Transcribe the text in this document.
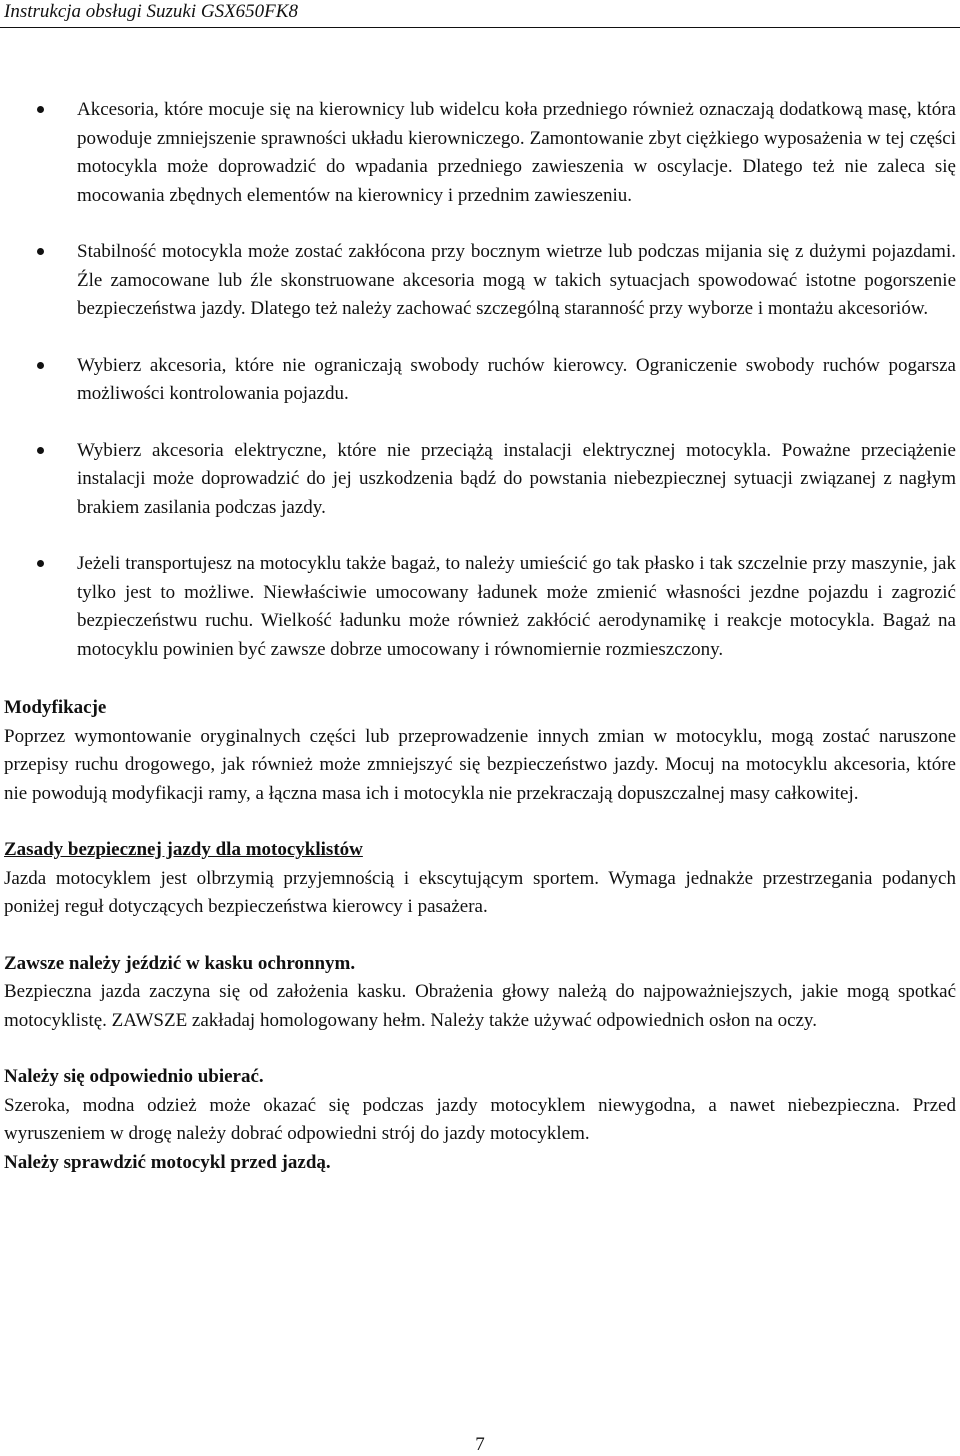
Instrukcja obsługi Suzuki GSX650FK8
Akcesoria, które mocuje się na kierownicy lub widelcu koła przedniego również oznaczają dodatkową masę, która powoduje zmniejszenie sprawności układu kierowniczego. Zamontowanie zbyt ciężkiego wyposażenia w tej części motocykla może doprowadzić do wpadania przedniego zawieszenia w oscylacje. Dlatego też nie zaleca się mocowania zbędnych elementów na kierownicy i przednim zawieszeniu.
Stabilność motocykla może zostać zakłócona przy bocznym wietrze lub podczas mijania się z dużymi pojazdami. Źle zamocowane lub źle skonstruowane akcesoria mogą w takich sytuacjach spowodować istotne pogorszenie bezpieczeństwa jazdy. Dlatego też należy zachować szczególną staranność przy wyborze i montażu akcesoriów.
Wybierz akcesoria, które nie ograniczają swobody ruchów kierowcy. Ograniczenie swobody ruchów pogarsza możliwości kontrolowania pojazdu.
Wybierz akcesoria elektryczne, które nie przeciążą instalacji elektrycznej motocykla. Poważne przeciążenie instalacji może doprowadzić do jej uszkodzenia bądź do powstania niebezpiecznej sytuacji związanej z nagłym brakiem zasilania podczas jazdy.
Jeżeli transportujesz na motocyklu także bagaż, to należy umieścić go tak płasko i tak szczelnie przy maszynie, jak tylko jest to możliwe. Niewłaściwie umocowany ładunek może zmienić własności jezdne pojazdu i zagrozić bezpieczeństwu ruchu. Wielkość ładunku może również zakłócić aerodynamikę i reakcje motocykla. Bagaż na motocyklu powinien być zawsze dobrze umocowany i równomiernie rozmieszczony.

Modyfikacje

Poprzez wymontowanie oryginalnych części lub przeprowadzenie innych zmian w motocyklu, mogą zostać naruszone przepisy ruchu drogowego, jak również może zmniejszyć się bezpieczeństwo jazdy. Mocuj na motocyklu akcesoria, które nie powodują modyfikacji ramy, a łączna masa ich i motocykla nie przekraczają dopuszczalnej masy całkowitej.

Zasady bezpiecznej jazdy dla motocyklistów

Jazda motocyklem jest olbrzymią przyjemnością i ekscytującym sportem. Wymaga jednakże przestrzegania podanych poniżej reguł dotyczących bezpieczeństwa kierowcy i pasażera.

Zawsze należy jeździć w kasku ochronnym.

Bezpieczna jazda zaczyna się od założenia kasku. Obrażenia głowy należą do najpoważniejszych, jakie mogą spotkać motocyklistę. ZAWSZE zakładaj homologowany hełm. Należy także używać odpowiednich osłon na oczy.

Należy się odpowiednio ubierać.

Szeroka, modna odzież może okazać się podczas jazdy motocyklem niewygodna, a nawet niebezpieczna. Przed wyruszeniem w drogę należy dobrać odpowiedni strój do jazdy motocyklem.

Należy sprawdzić motocykl przed jazdą.

7
